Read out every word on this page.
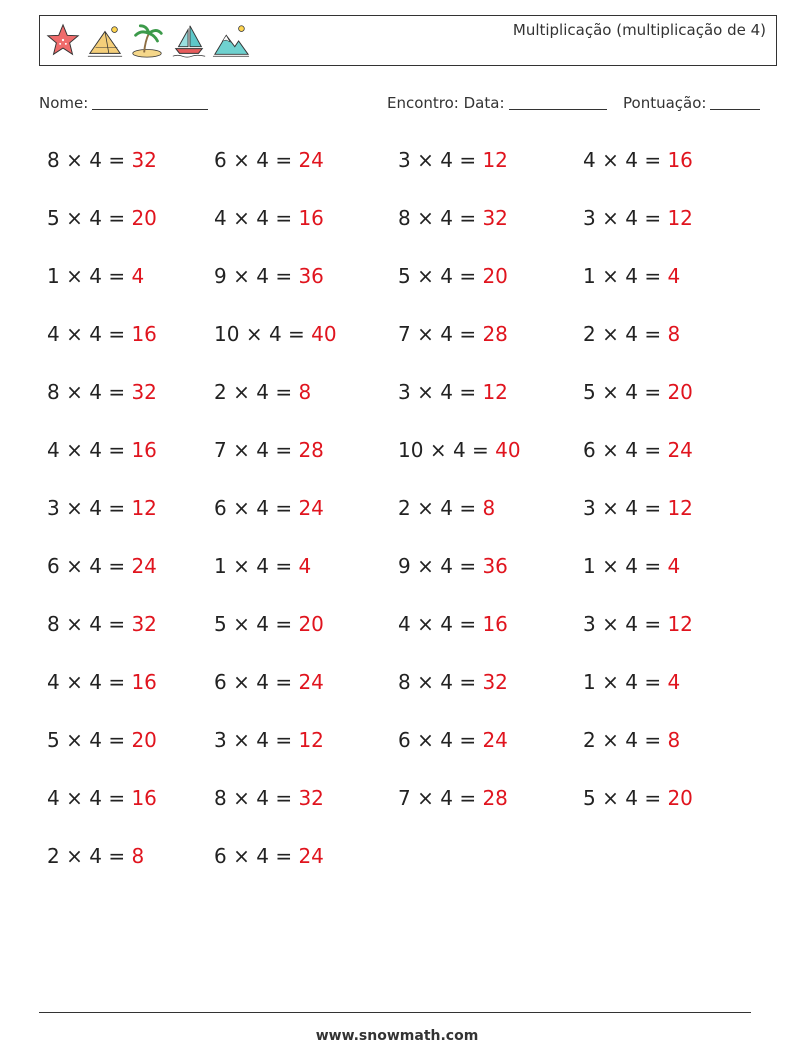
Multiplicação (multiplicação de 4)
Nome:	Encontro: Data:	Pontuação:
8 × 4 = 32	6 × 4 = 24	3 × 4 = 12	4 × 4 = 16
5 × 4 = 20	4 × 4 = 16	8 × 4 = 32	3 × 4 = 12
1 × 4 = 4	9 × 4 = 36	5 × 4 = 20	1 × 4 = 4
4 × 4 = 16	10 × 4 = 40	7 × 4 = 28	2 × 4 = 8
8 × 4 = 32	2 × 4 = 8	3 × 4 = 12	5 × 4 = 20
4 × 4 = 16	7 × 4 = 28	10 × 4 = 40	6 × 4 = 24
3 × 4 = 12	6 × 4 = 24	2 × 4 = 8	3 × 4 = 12
6 × 4 = 24	1 × 4 = 4	9 × 4 = 36	1 × 4 = 4
8 × 4 = 32	5 × 4 = 20	4 × 4 = 16	3 × 4 = 12
4 × 4 = 16	6 × 4 = 24	8 × 4 = 32	1 × 4 = 4
5 × 4 = 20	3 × 4 = 12	6 × 4 = 24	2 × 4 = 8
4 × 4 = 16	8 × 4 = 32	7 × 4 = 28	5 × 4 = 20
2 × 4 = 8	6 × 4 = 24
www.snowmath.com
